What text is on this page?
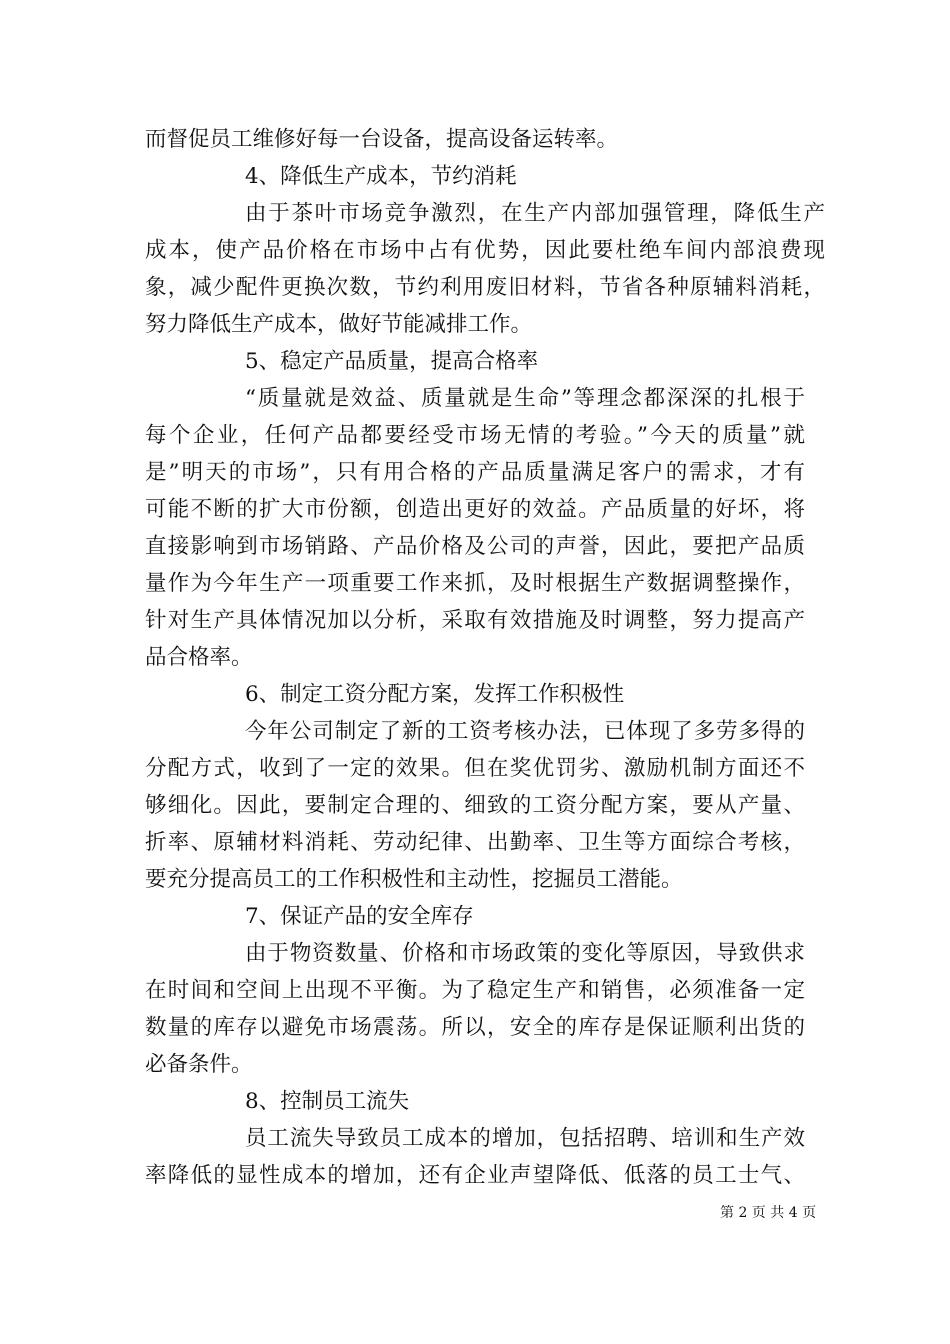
而督促员工维修好每一台设备，提高设备运转率。
4、降低生产成本，节约消耗
由于茶叶市场竞争激烈，在生产内部加强管理，降低生产
成本，使产品价格在市场中占有优势，因此要杜绝车间内部浪费现
象，减少配件更换次数，节约利用废旧材料，节省各种原辅料消耗，
努力降低生产成本，做好节能减排工作。
5、稳定产品质量，提高合格率
“质量就是效益、质量就是生命”等理念都深深的扎根于
每个企业，任何产品都要经受市场无情的考验。”今天的质量”就
是”明天的市场”，只有用合格的产品质量满足客户的需求，才有
可能不断的扩大市份额，创造出更好的效益。产品质量的好坏，将
直接影响到市场销路、产品价格及公司的声誉，因此，要把产品质
量作为今年生产一项重要工作来抓，及时根据生产数据调整操作，
针对生产具体情况加以分析，采取有效措施及时调整，努力提高产
品合格率。
6、制定工资分配方案，发挥工作积极性
今年公司制定了新的工资考核办法，已体现了多劳多得的
分配方式，收到了一定的效果。但在奖优罚劣、激励机制方面还不
够细化。因此，要制定合理的、细致的工资分配方案，要从产量、
折率、原辅材料消耗、劳动纪律、出勤率、卫生等方面综合考核，
要充分提高员工的工作积极性和主动性，挖掘员工潜能。
7、保证产品的安全库存
由于物资数量、价格和市场政策的变化等原因，导致供求
在时间和空间上出现不平衡。为了稳定生产和销售，必须准备一定
数量的库存以避免市场震荡。所以，安全的库存是保证顺利出货的
必备条件。
8、控制员工流失
员工流失导致员工成本的增加，包括招聘、培训和生产效
率降低的显性成本的增加，还有企业声望降低、低落的员工士气、
第 2 页 共 4 页
